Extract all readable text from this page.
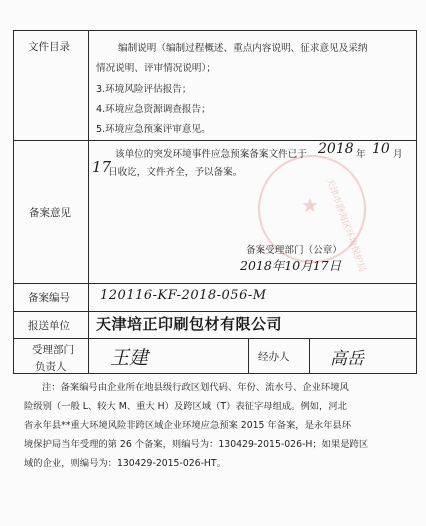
文件目录	编制说明（编制过程概述、重点内容说明、征求意见及采纳
情况说明、评审情况说明）；
3.环境风险评估报告；
4.环境应急资源调查报告；
5.环境应急预案评审意见。
备案意见	★ 天津市静海区环境保护局
该单位的突发环境事件应急预案备案文件已于 2018 年 10 月
17
日收讫，文件齐全，予以备案。
备案受理部门（公章）
2018年10月17日
备案编号 120116-KF-2018-056-M
报送单位 天津培正印刷包材有限公司
受理部门
负责人 王建	经办人 高岳

注：备案编号由企业所在地县级行政区划代码、年份、流水号、企业环境风

险级别（一般 L、较大 M、重大 H）及跨区域（T）表征字母组成。例如，河北

省永年县**重大环境风险非跨区域企业环境应急预案 2015 年备案，是永年县环

境保护局当年受理的第 26 个备案，则编号为：130429-2015-026-H；如果是跨区

域的企业，则编号为：130429-2015-026-HT。
